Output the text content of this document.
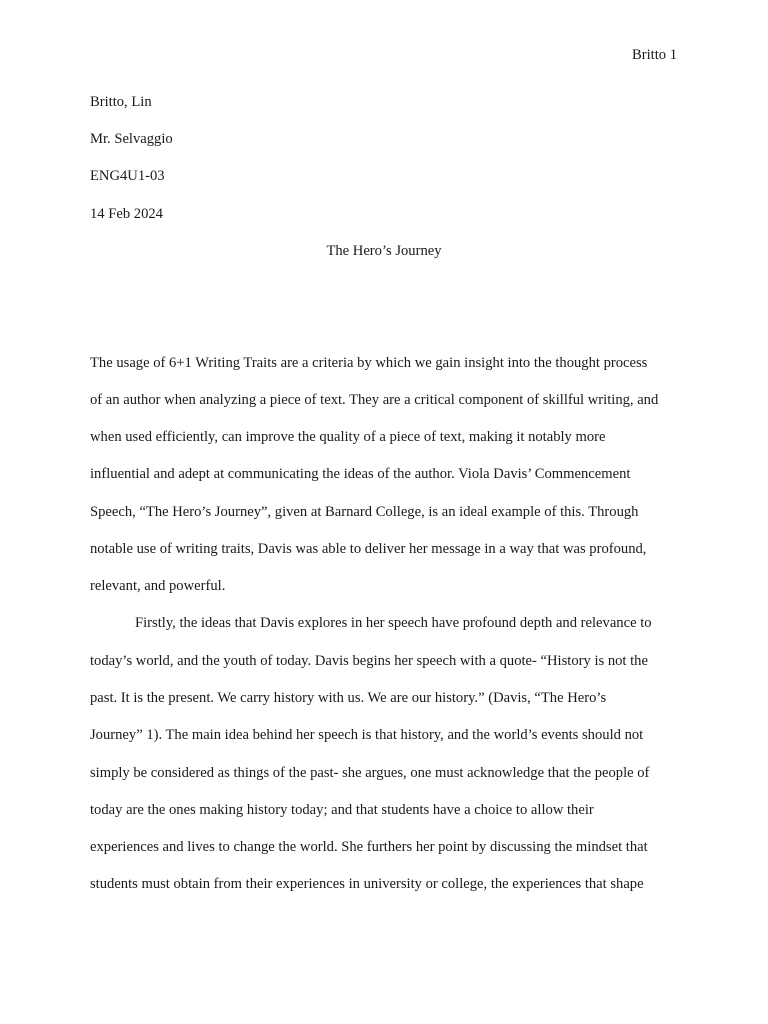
Britto 1
Britto, Lin
Mr. Selvaggio
ENG4U1-03
14 Feb 2024
The Hero’s Journey
The usage of 6+1 Writing Traits are a criteria by which we gain insight into the thought process
of an author when analyzing a piece of text. They are a critical component of skillful writing, and
when used efficiently, can improve the quality of a piece of text, making it notably more
influential and adept at communicating the ideas of the author. Viola Davis’ Commencement
Speech, “The Hero’s Journey”, given at Barnard College, is an ideal example of this. Through
notable use of writing traits, Davis was able to deliver her message in a way that was profound,
relevant, and powerful.
Firstly, the ideas that Davis explores in her speech have profound depth and relevance to
today’s world, and the youth of today. Davis begins her speech with a quote- “History is not the
past. It is the present. We carry history with us. We are our history.” (Davis, “The Hero’s
Journey” 1). The main idea behind her speech is that history, and the world’s events should not
simply be considered as things of the past- she argues, one must acknowledge that the people of
today are the ones making history today; and that students have a choice to allow their
experiences and lives to change the world. She furthers her point by discussing the mindset that
students must obtain from their experiences in university or college, the experiences that shape
